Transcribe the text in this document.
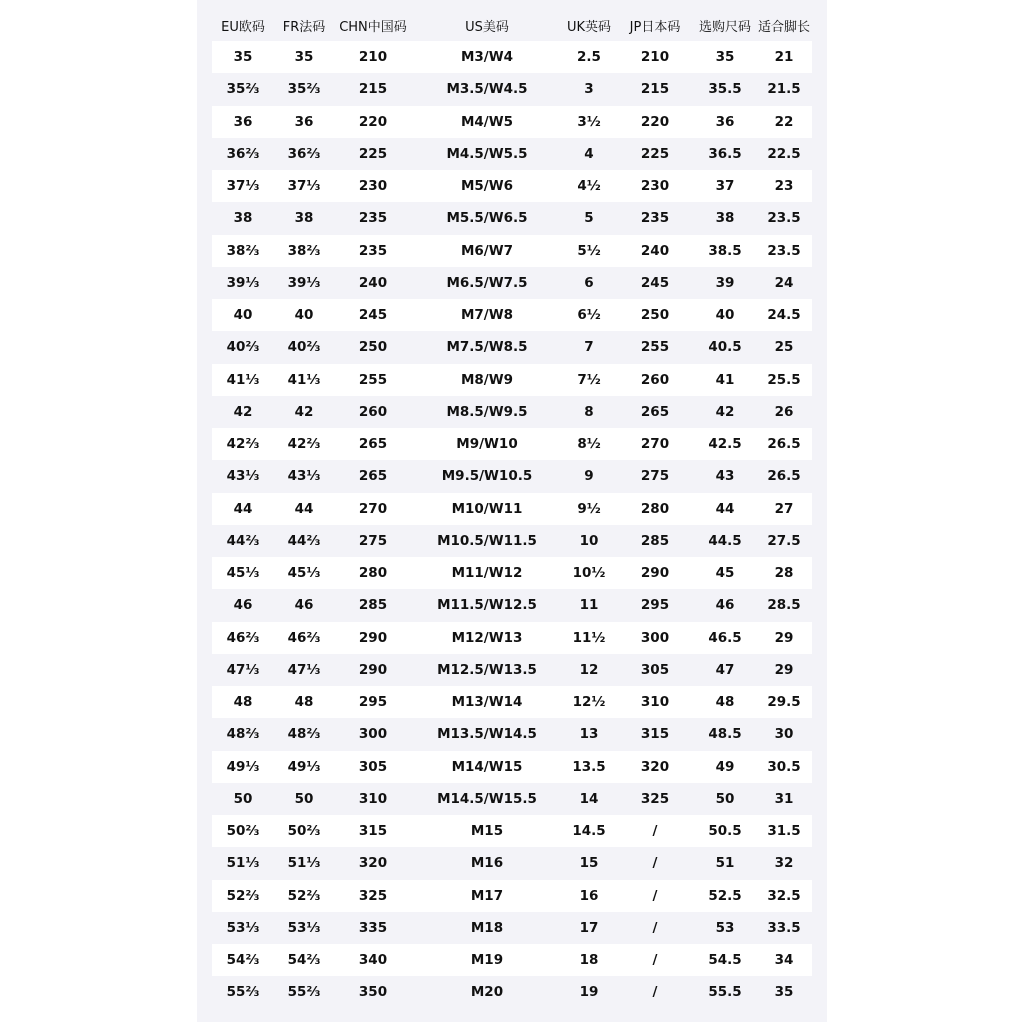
EU欧码	FR法码	CHN中国码	US美码	UK英码	JP日本码	选购尺码	适合脚长
35	35	210	M3/W4	2.5	210	35	21
35⅔	35⅔	215	M3.5/W4.5	3	215	35.5	21.5
36	36	220	M4/W5	3½	220	36	22
36⅔	36⅔	225	M4.5/W5.5	4	225	36.5	22.5
37⅓	37⅓	230	M5/W6	4½	230	37	23
38	38	235	M5.5/W6.5	5	235	38	23.5
38⅔	38⅔	235	M6/W7	5½	240	38.5	23.5
39⅓	39⅓	240	M6.5/W7.5	6	245	39	24
40	40	245	M7/W8	6½	250	40	24.5
40⅔	40⅔	250	M7.5/W8.5	7	255	40.5	25
41⅓	41⅓	255	M8/W9	7½	260	41	25.5
42	42	260	M8.5/W9.5	8	265	42	26
42⅔	42⅔	265	M9/W10	8½	270	42.5	26.5
43⅓	43⅓	265	M9.5/W10.5	9	275	43	26.5
44	44	270	M10/W11	9½	280	44	27
44⅔	44⅔	275	M10.5/W11.5	10	285	44.5	27.5
45⅓	45⅓	280	M11/W12	10½	290	45	28
46	46	285	M11.5/W12.5	11	295	46	28.5
46⅔	46⅔	290	M12/W13	11½	300	46.5	29
47⅓	47⅓	290	M12.5/W13.5	12	305	47	29
48	48	295	M13/W14	12½	310	48	29.5
48⅔	48⅔	300	M13.5/W14.5	13	315	48.5	30
49⅓	49⅓	305	M14/W15	13.5	320	49	30.5
50	50	310	M14.5/W15.5	14	325	50	31
50⅔	50⅔	315	M15	14.5	/	50.5	31.5
51⅓	51⅓	320	M16	15	/	51	32
52⅔	52⅔	325	M17	16	/	52.5	32.5
53⅓	53⅓	335	M18	17	/	53	33.5
54⅔	54⅔	340	M19	18	/	54.5	34
55⅔	55⅔	350	M20	19	/	55.5	35
